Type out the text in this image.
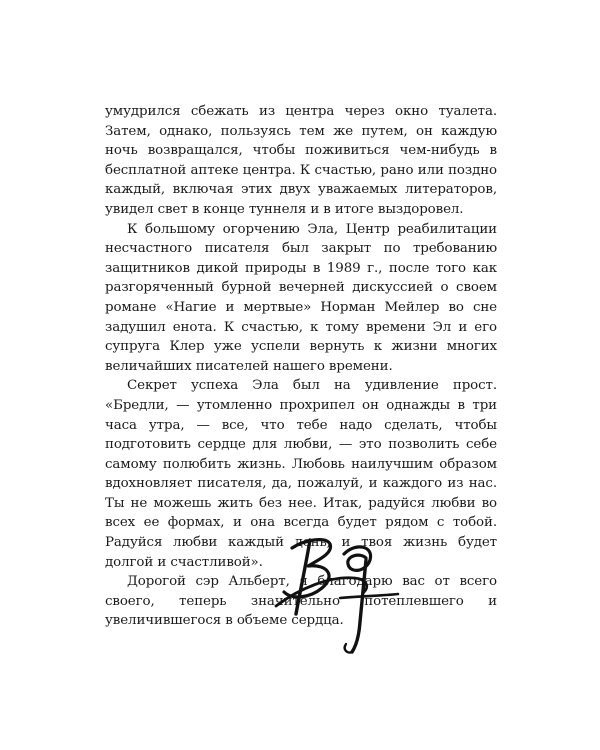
умудрился сбежать из центра через окно туалета. Затем, однако, пользуясь тем же путем, он каждую ночь возвращался, чтобы поживиться чем-нибудь в бесплатной аптеке центра. К счастью, рано или поздно каждый, включая этих двух уважаемых литераторов, увидел свет в конце туннеля и в итоге выздоровел.

К большому огорчению Эла, Центр реабилитации несчастного писателя был закрыт по требованию защитников дикой природы в 1989 г., после того как разгоряченный бурной вечерней дискуссией о своем романе «Нагие и мертвые» Норман Мейлер во сне задушил енота. К счастью, к тому времени Эл и его супруга Клер уже успели вернуть к жизни многих величайших писателей нашего времени.

Секрет успеха Эла был на удивление прост. «Бредли, — утомленно прохрипел он однажды в три часа утра, — все, что тебе надо сделать, чтобы подготовить сердце для любви, — это позволить себе самому полюбить жизнь. Любовь наилучшим образом вдохновляет писателя, да, пожалуй, и каждого из нас. Ты не можешь жить без нее. Итак, радуйся любви во всех ее формах, и она всегда будет рядом с тобой. Радуйся любви каждый день, и твоя жизнь будет долгой и счастливой».

Дорогой сэр Альберт, я благодарю вас от всего своего, теперь значительно потеплевшего и увеличившегося в объеме сердца.
